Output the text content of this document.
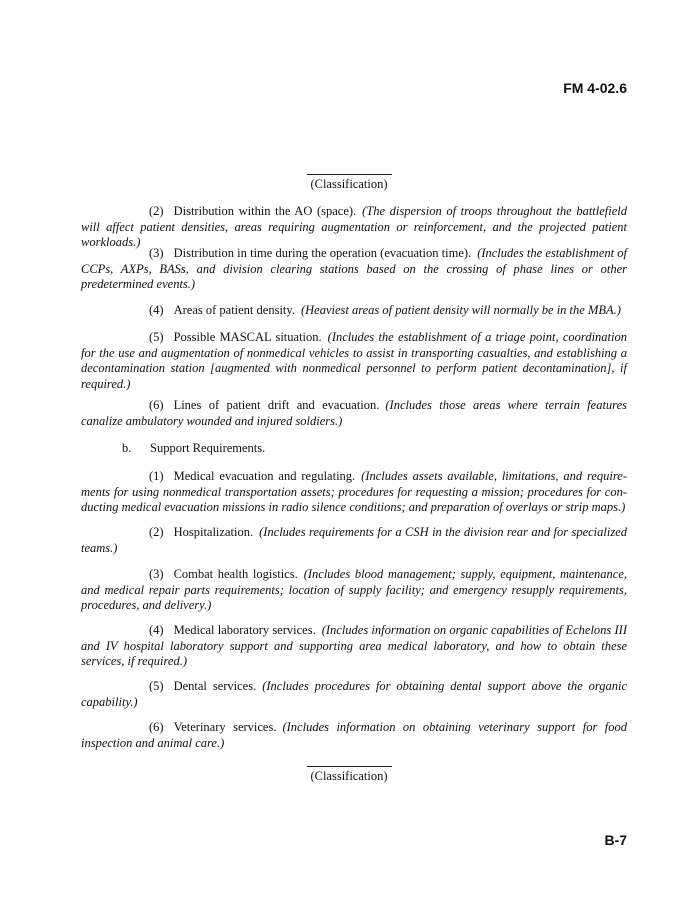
FM 4-02.6
(Classification)

(2) Distribution within the AO (space). (The dispersion of troops throughout the battlefield will affect patient densities, areas requiring augmentation or reinforcement, and the projected patient workloads.)

(3) Distribution in time during the operation (evacuation time). (Includes the establishment of CCPs, AXPs, BASs, and division clearing stations based on the crossing of phase lines or other predetermined events.)

(4) Areas of patient density. (Heaviest areas of patient density will normally be in the MBA.)

(5) Possible MASCAL situation. (Includes the establishment of a triage point, coordination for the use and augmentation of nonmedical vehicles to assist in transporting casualties, and establishing a decontamination station [augmented with nonmedical personnel to perform patient decontamination], if required.)

(6) Lines of patient drift and evacuation. (Includes those areas where terrain features canalize ambulatory wounded and injured soldiers.)

b. Support Requirements.

(1) Medical evacuation and regulating. (Includes assets available, limitations, and require-ments for using nonmedical transportation assets; procedures for requesting a mission; procedures for con-ducting medical evacuation missions in radio silence conditions; and preparation of overlays or strip maps.)

(2) Hospitalization. (Includes requirements for a CSH in the division rear and for specialized teams.)

(3) Combat health logistics. (Includes blood management; supply, equipment, maintenance, and medical repair parts requirements; location of supply facility; and emergency resupply requirements, procedures, and delivery.)

(4) Medical laboratory services. (Includes information on organic capabilities of Echelons III and IV hospital laboratory support and supporting area medical laboratory, and how to obtain these services, if required.)

(5) Dental services. (Includes procedures for obtaining dental support above the organic capability.)

(6) Veterinary services. (Includes information on obtaining veterinary support for food inspection and animal care.)

(Classification)
B-7
